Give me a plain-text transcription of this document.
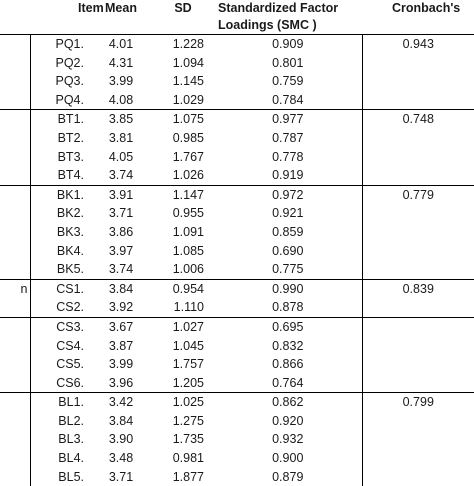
	Item	Mean	SD	Standardized Factor
Loadings (SMC )	Cronbach's
	PQ1.	4.01	1.228	0.909	0.943
	PQ2.	4.31	1.094	0.801	
	PQ3.	3.99	1.145	0.759	
	PQ4.	4.08	1.029	0.784	
	BT1.	3.85	1.075	0.977	0.748
	BT2.	3.81	0.985	0.787	
	BT3.	4.05	1.767	0.778	
	BT4.	3.74	1.026	0.919	
	BK1.	3.91	1.147	0.972	0.779
	BK2.	3.71	0.955	0.921	
	BK3.	3.86	1.091	0.859	
	BK4.	3.97	1.085	0.690	
	BK5.	3.74	1.006	0.775	
n	CS1.	3.84	0.954	0.990	0.839
	CS2.	3.92	1.110	0.878	
	CS3.	3.67	1.027	0.695	
	CS4.	3.87	1.045	0.832	
	CS5.	3.99	1.757	0.866	
	CS6.	3.96	1.205	0.764	
	BL1.	3.42	1.025	0.862	0.799
	BL2.	3.84	1.275	0.920	
	BL3.	3.90	1.735	0.932	
	BL4.	3.48	0.981	0.900	
	BL5.	3.71	1.877	0.879	
